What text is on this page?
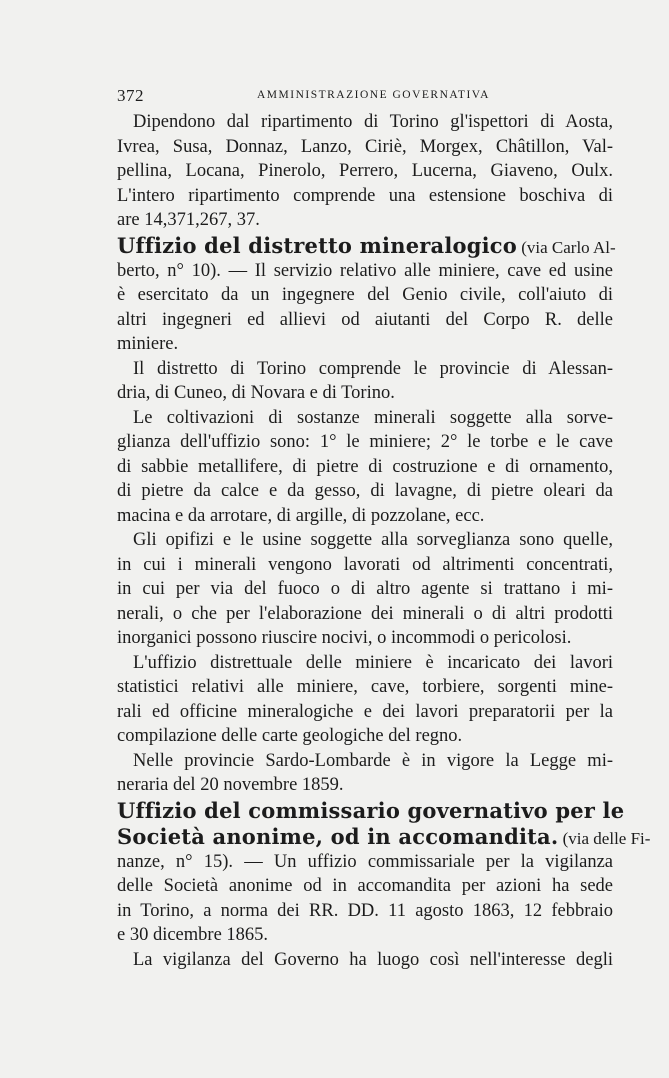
372	AMMINISTRAZIONE GOVERNATIVA
Dipendono dal ripartimento di Torino gl'ispettori di Aosta,
Ivrea, Susa, Donnaz, Lanzo, Ciriè, Morgex, Châtillon, Val-
pellina, Locana, Pinerolo, Perrero, Lucerna, Giaveno, Oulx.
L'intero ripartimento comprende una estensione boschiva di
are 14,371,267, 37.
Uffizio del distretto mineralogico (via Carlo Al-
berto, n° 10). — Il servizio relativo alle miniere, cave ed usine
è esercitato da un ingegnere del Genio civile, coll'aiuto di
altri ingegneri ed allievi od aiutanti del Corpo R. delle
miniere.
Il distretto di Torino comprende le provincie di Alessan-
dria, di Cuneo, di Novara e di Torino.
Le coltivazioni di sostanze minerali soggette alla sorve-
glianza dell'uffizio sono: 1° le miniere; 2° le torbe e le cave
di sabbie metallifere, di pietre di costruzione e di ornamento,
di pietre da calce e da gesso, di lavagne, di pietre oleari da
macina e da arrotare, di argille, di pozzolane, ecc.
Gli opifizi e le usine soggette alla sorveglianza sono quelle,
in cui i minerali vengono lavorati od altrimenti concentrati,
in cui per via del fuoco o di altro agente si trattano i mi-
nerali, o che per l'elaborazione dei minerali o di altri prodotti
inorganici possono riuscire nocivi, o incommodi o pericolosi.
L'uffizio distrettuale delle miniere è incaricato dei lavori
statistici relativi alle miniere, cave, torbiere, sorgenti mine-
rali ed officine mineralogiche e dei lavori preparatorii per la
compilazione delle carte geologiche del regno.
Nelle provincie Sardo-Lombarde è in vigore la Legge mi-
neraria del 20 novembre 1859.
Uffizio del commissario governativo per le
Società anonime, od in accomandita. (via delle Fi-
nanze, n° 15). — Un uffizio commissariale per la vigilanza
delle Società anonime od in accomandita per azioni ha sede
in Torino, a norma dei RR. DD. 11 agosto 1863, 12 febbraio
e 30 dicembre 1865.
La vigilanza del Governo ha luogo così nell'interesse degli
